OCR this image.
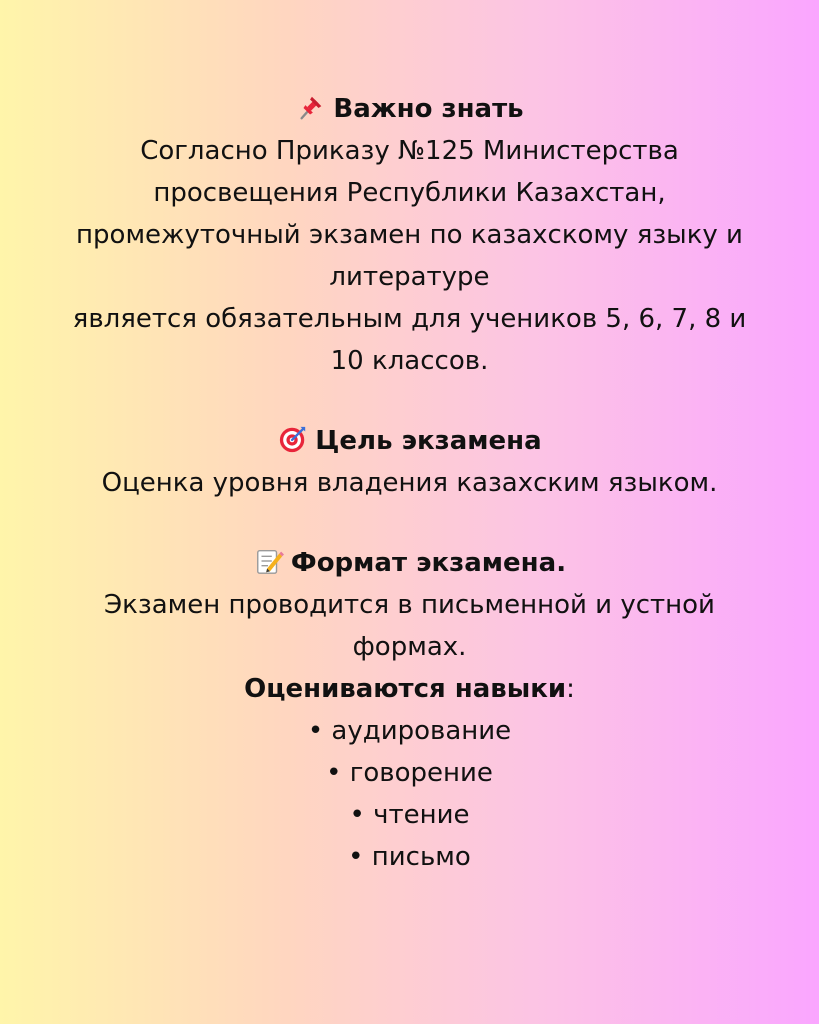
Важно знать

Согласно Приказу №125 Министерства

просвещения Республики Казахстан,

промежуточный экзамен по казахскому языку и

литературе

является обязательным для учеников 5, 6, 7, 8 и

10 классов.

Цель экзамена

Оценка уровня владения казахским языком.

Формат экзамена.

Экзамен проводится в письменной и устной

формах.

Оцениваются навыки:

• аудирование

• говорение

• чтение

• письмо
